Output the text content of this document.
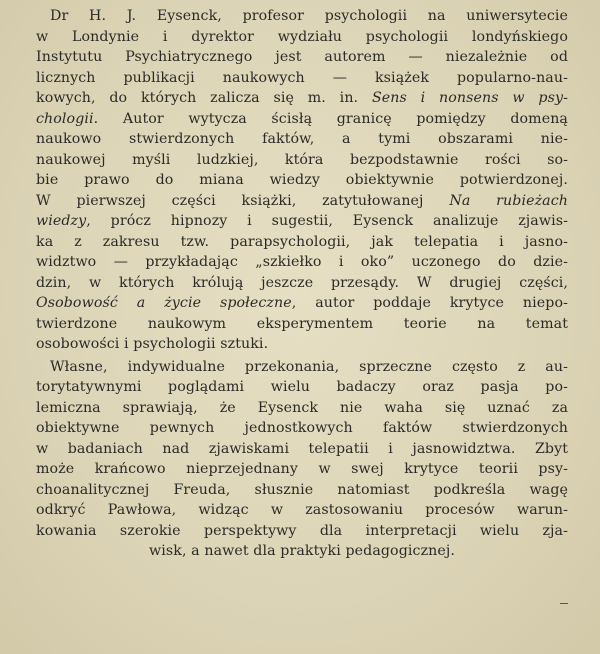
Dr H. J. Eysenck, profesor psychologii na uniwersytecie
w Londynie i dyrektor wydziału psychologii londyńskiego
Instytutu Psychiatrycznego jest autorem — niezależnie od
licznych publikacji naukowych — książek popularno-nau-
kowych, do których zalicza się m. in. Sens i nonsens w psy-
chologii. Autor wytycza ścisłą granicę pomiędzy domeną
naukowo stwierdzonych faktów, a tymi obszarami nie-
naukowej myśli ludzkiej, która bezpodstawnie rości so-
bie prawo do miana wiedzy obiektywnie potwierdzonej.
W pierwszej części książki, zatytułowanej Na rubieżach
wiedzy, prócz hipnozy i sugestii, Eysenck analizuje zjawis-
ka z zakresu tzw. parapsychologii, jak telepatia i jasno-
widztwo — przykładając „szkiełko i oko” uczonego do dzie-
dzin, w których królują jeszcze przesądy. W drugiej części,
Osobowość a życie społeczne, autor poddaje krytyce niepo-
twierdzone naukowym eksperymentem teorie na temat
osobowości i psychologii sztuki.
Własne, indywidualne przekonania, sprzeczne często z au-
torytatywnymi poglądami wielu badaczy oraz pasja po-
lemiczna sprawiają, że Eysenck nie waha się uznać za
obiektywne pewnych jednostkowych faktów stwierdzonych
w badaniach nad zjawiskami telepatii i jasnowidztwa. Zbyt
może krańcowo nieprzejednany w swej krytyce teorii psy-
choanalitycznej Freuda, słusznie natomiast podkreśla wagę
odkryć Pawłowa, widząc w zastosowaniu procesów warun-
kowania szerokie perspektywy dla interpretacji wielu zja-
wisk, a nawet dla praktyki pedagogicznej.
